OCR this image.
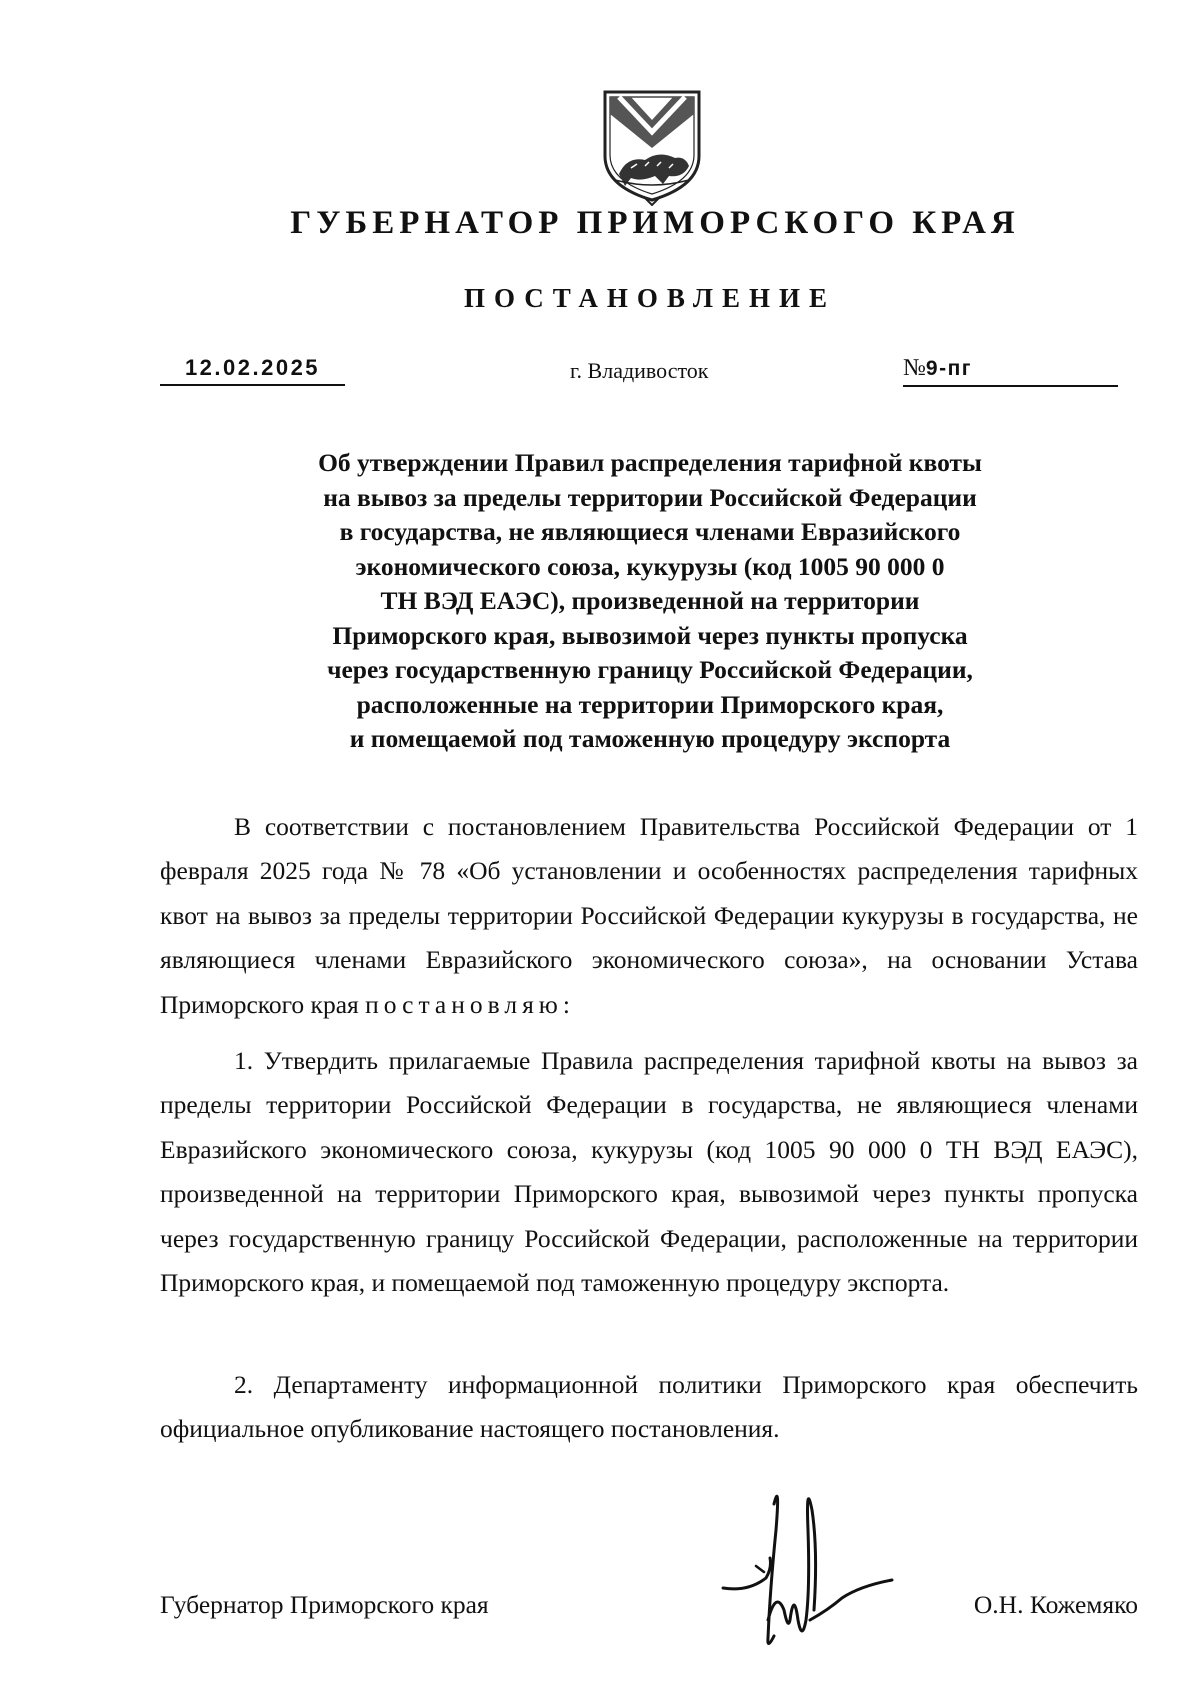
ГУБЕРНАТОР ПРИМОРСКОГО КРАЯ
ПОСТАНОВЛЕНИЕ
12.02.2025	г. Владивосток	№9-пг
Об утверждении Правил распределения тарифной квоты
на вывоз за пределы территории Российской Федерации
в государства, не являющиеся членами Евразийского
экономического союза, кукурузы (код 1005 90 000 0
ТН ВЭД ЕАЭС), произведенной на территории
Приморского края, вывозимой через пункты пропуска
через государственную границу Российской Федерации,
расположенные на территории Приморского края,
и помещаемой под таможенную процедуру экспорта

В соответствии с постановлением Правительства Российской Федерации от 1 февраля 2025 года № 78 «Об установлении и особенностях распределения тарифных квот на вывоз за пределы территории Российской Федерации кукурузы в государства, не являющиеся членами Евразийского экономического союза», на основании Устава Приморского края постановляю:

1. Утвердить прилагаемые Правила распределения тарифной квоты на вывоз за пределы территории Российской Федерации в государства, не являющиеся членами Евразийского экономического союза, кукурузы (код 1005 90 000 0 ТН ВЭД ЕАЭС), произведенной на территории Приморского края, вывозимой через пункты пропуска через государственную границу Российской Федерации, расположенные на территории Приморского края, и помещаемой под таможенную процедуру экспорта.

2. Департаменту информационной политики Приморского края обеспечить официальное опубликование настоящего постановления.

Губернатор Приморского края	О.Н. Кожемяко
